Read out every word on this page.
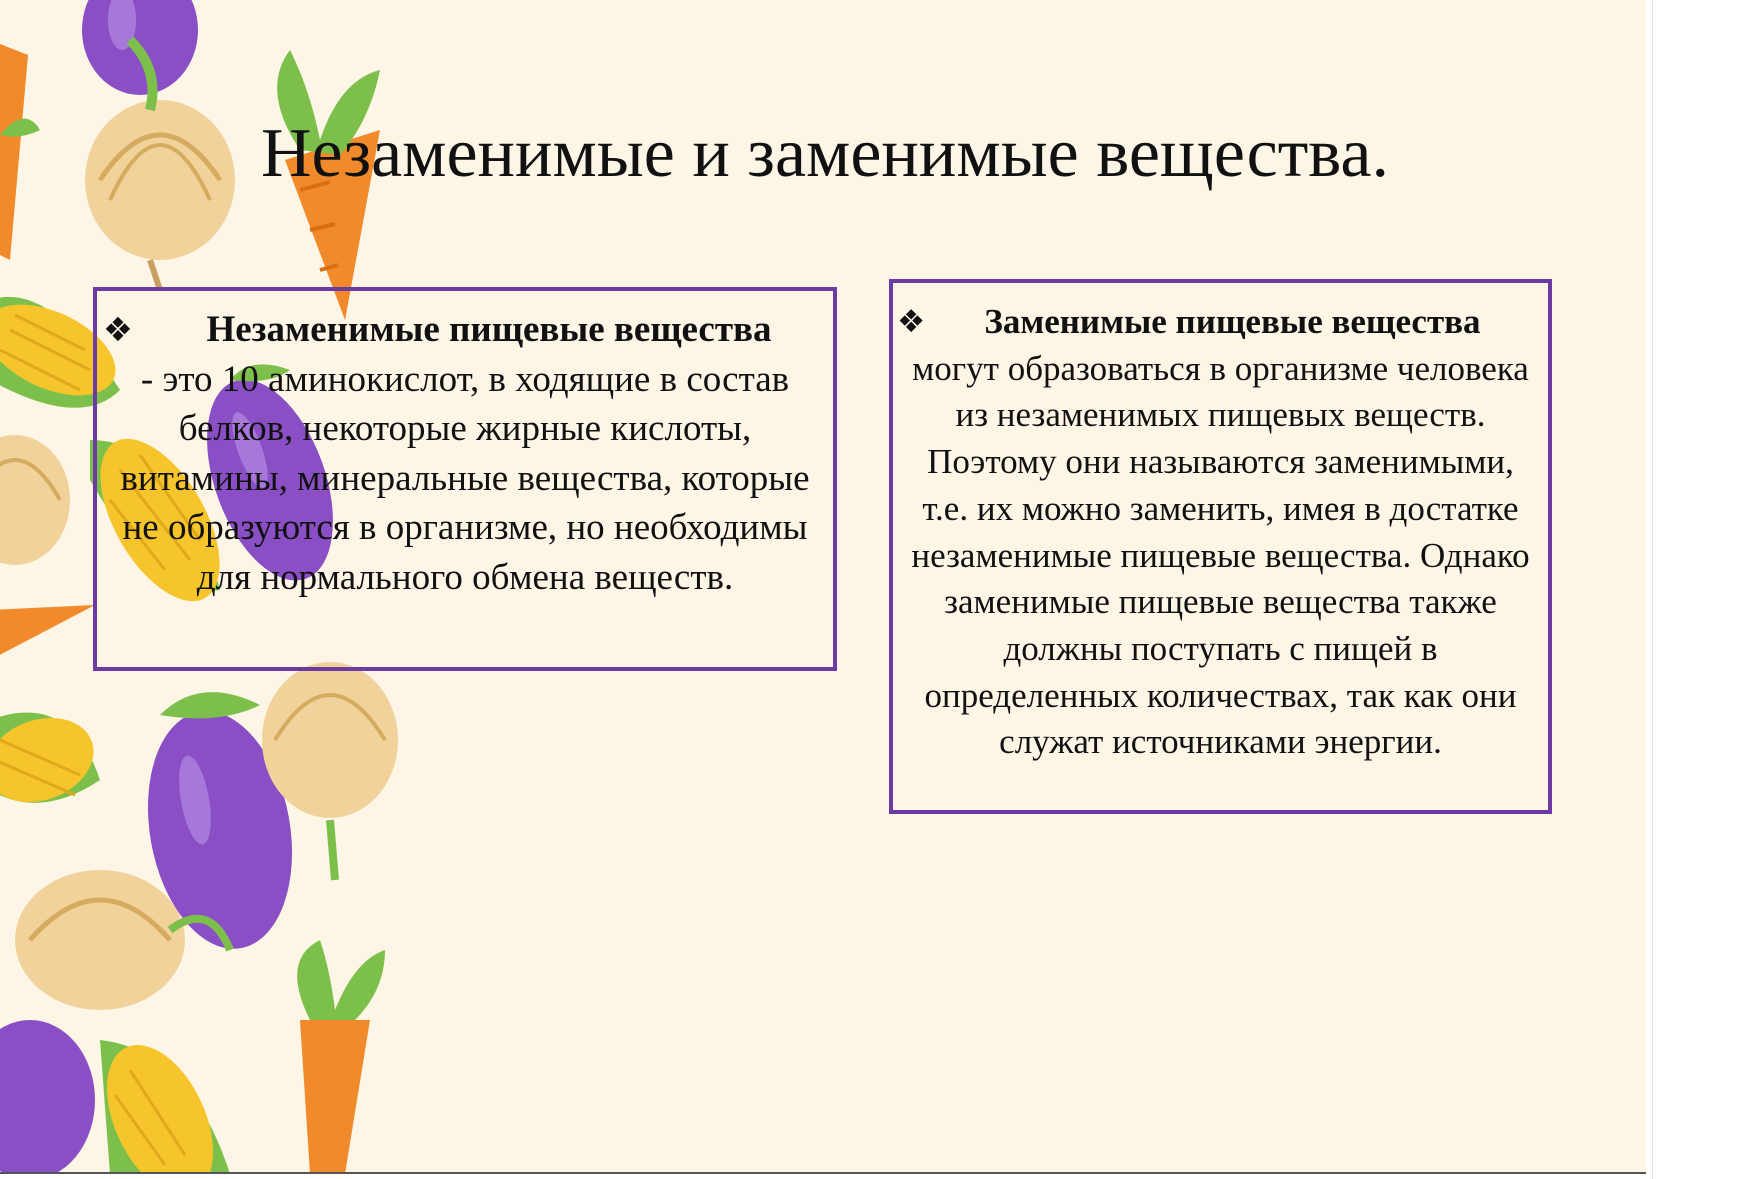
Незаменимые и заменимые вещества.
❖ Незаменимые пищевые вещества
- это 10 аминокислот, в ходящие в состав белков, некоторые жирные кислоты, витамины, минеральные вещества, которые не образуются в организме, но необходимы для нормального обмена веществ.
❖ Заменимые пищевые вещества
могут образоваться в организме человека из незаменимых пищевых веществ. Поэтому они называются заменимыми, т.е. их можно заменить, имея в достатке незаменимые пищевые вещества. Однако заменимые пищевые вещества также должны поступать с пищей в определенных количествах, так как они служат источниками энергии.
